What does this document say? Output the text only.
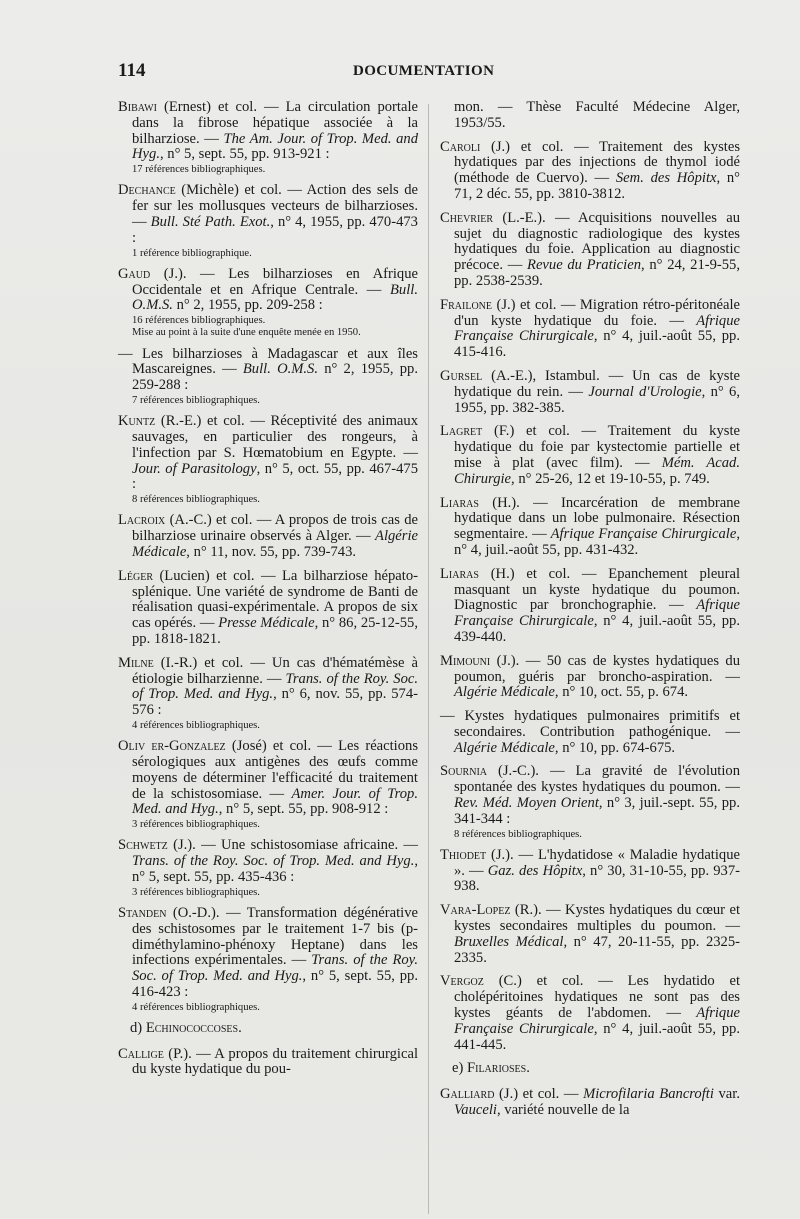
114	DOCUMENTATION

Bibawi (Ernest) et col. — La circulation portale dans la fibrose hépatique associée à la bilharziose. — The Am. Jour. of Trop. Med. and Hyg., n° 5, sept. 55, pp. 913-921 :
17 références bibliographiques.

Dechance (Michèle) et col. — Action des sels de fer sur les mollusques vecteurs de bilharzioses. — Bull. Sté Path. Exot., n° 4, 1955, pp. 470-473 :
1 référence bibliographique.

Gaud (J.). — Les bilharzioses en Afrique Occidentale et en Afrique Centrale. — Bull. O.M.S. n° 2, 1955, pp. 209-258 :
16 références bibliographiques.
Mise au point à la suite d'une enquête menée en 1950.

— Les bilharzioses à Madagascar et aux îles Mascareignes. — Bull. O.M.S. n° 2, 1955, pp. 259-288 :
7 références bibliographiques.

Kuntz (R.-E.) et col. — Réceptivité des animaux sauvages, en particulier des rongeurs, à l'infection par S. Hœmatobium en Egypte. — Jour. of Parasitology, n° 5, oct. 55, pp. 467-475 :
8 références bibliographiques.

Lacroix (A.-C.) et col. — A propos de trois cas de bilharziose urinaire observés à Alger. — Algérie Médicale, n° 11, nov. 55, pp. 739-743.

Léger (Lucien) et col. — La bilharziose hépato-splénique. Une variété de syndrome de Banti de réalisation quasi-expérimentale. A propos de six cas opérés. — Presse Médicale, n° 86, 25-12-55, pp. 1818-1821.

Milne (I.-R.) et col. — Un cas d'hématémèse à étiologie bilharzienne. — Trans. of the Roy. Soc. of Trop. Med. and Hyg., n° 6, nov. 55, pp. 574-576 :
4 références bibliographiques.

Oliv er-Gonzalez (José) et col. — Les réactions sérologiques aux antigènes des œufs comme moyens de déterminer l'efficacité du traitement de la schistosomiase. — Amer. Jour. of Trop. Med. and Hyg., n° 5, sept. 55, pp. 908-912 :
3 références bibliographiques.

Schwetz (J.). — Une schistosomiase africaine. — Trans. of the Roy. Soc. of Trop. Med. and Hyg., n° 5, sept. 55, pp. 435-436 :
3 références bibliographiques.

Standen (O.-D.). — Transformation dégénérative des schistosomes par le traitement 1-7 bis (p-diméthylamino-phénoxy Heptane) dans les infections expérimentales. — Trans. of the Roy. Soc. of Trop. Med. and Hyg., n° 5, sept. 55, pp. 416-423 :
4 références bibliographiques.

d) Echinococcoses.

Callige (P.). — A propos du traitement chirurgical du kyste hydatique du pou-

mon. — Thèse Faculté Médecine Alger, 1953/55.

Caroli (J.) et col. — Traitement des kystes hydatiques par des injections de thymol iodé (méthode de Cuervo). — Sem. des Hôpitx, n° 71, 2 déc. 55, pp. 3810-3812.

Chevrier (L.-E.). — Acquisitions nouvelles au sujet du diagnostic radiologique des kystes hydatiques du foie. Application au diagnostic précoce. — Revue du Praticien, n° 24, 21-9-55, pp. 2538-2539.

Frailone (J.) et col. — Migration rétro-péritonéale d'un kyste hydatique du foie. — Afrique Française Chirurgicale, n° 4, juil.-août 55, pp. 415-416.

Gursel (A.-E.), Istambul. — Un cas de kyste hydatique du rein. — Journal d'Urologie, n° 6, 1955, pp. 382-385.

Lagret (F.) et col. — Traitement du kyste hydatique du foie par kystectomie partielle et mise à plat (avec film). — Mém. Acad. Chirurgie, n° 25-26, 12 et 19-10-55, p. 749.

Liaras (H.). — Incarcération de membrane hydatique dans un lobe pulmonaire. Résection segmentaire. — Afrique Française Chirurgicale, n° 4, juil.-août 55, pp. 431-432.

Liaras (H.) et col. — Epanchement pleural masquant un kyste hydatique du poumon. Diagnostic par bronchographie. — Afrique Française Chirurgicale, n° 4, juil.-août 55, pp. 439-440.

Mimouni (J.). — 50 cas de kystes hydatiques du poumon, guéris par broncho-aspiration. — Algérie Médicale, n° 10, oct. 55, p. 674.

— Kystes hydatiques pulmonaires primitifs et secondaires. Contribution pathogénique. — Algérie Médicale, n° 10, pp. 674-675.

Sournia (J.-C.). — La gravité de l'évolution spontanée des kystes hydatiques du poumon. — Rev. Méd. Moyen Orient, n° 3, juil.-sept. 55, pp. 341-344 :
8 références bibliographiques.

Thiodet (J.). — L'hydatidose « Maladie hydatique ». — Gaz. des Hôpitx, n° 30, 31-10-55, pp. 937-938.

Vara-Lopez (R.). — Kystes hydatiques du cœur et kystes secondaires multiples du poumon. — Bruxelles Médical, n° 47, 20-11-55, pp. 2325-2335.

Vergoz (C.) et col. — Les hydatido et cholépéritoines hydatiques ne sont pas des kystes géants de l'abdomen. — Afrique Française Chirurgicale, n° 4, juil.-août 55, pp. 441-445.

e) Filarioses.

Galliard (J.) et col. — Microfilaria Bancrofti var. Vauceli, variété nouvelle de la
